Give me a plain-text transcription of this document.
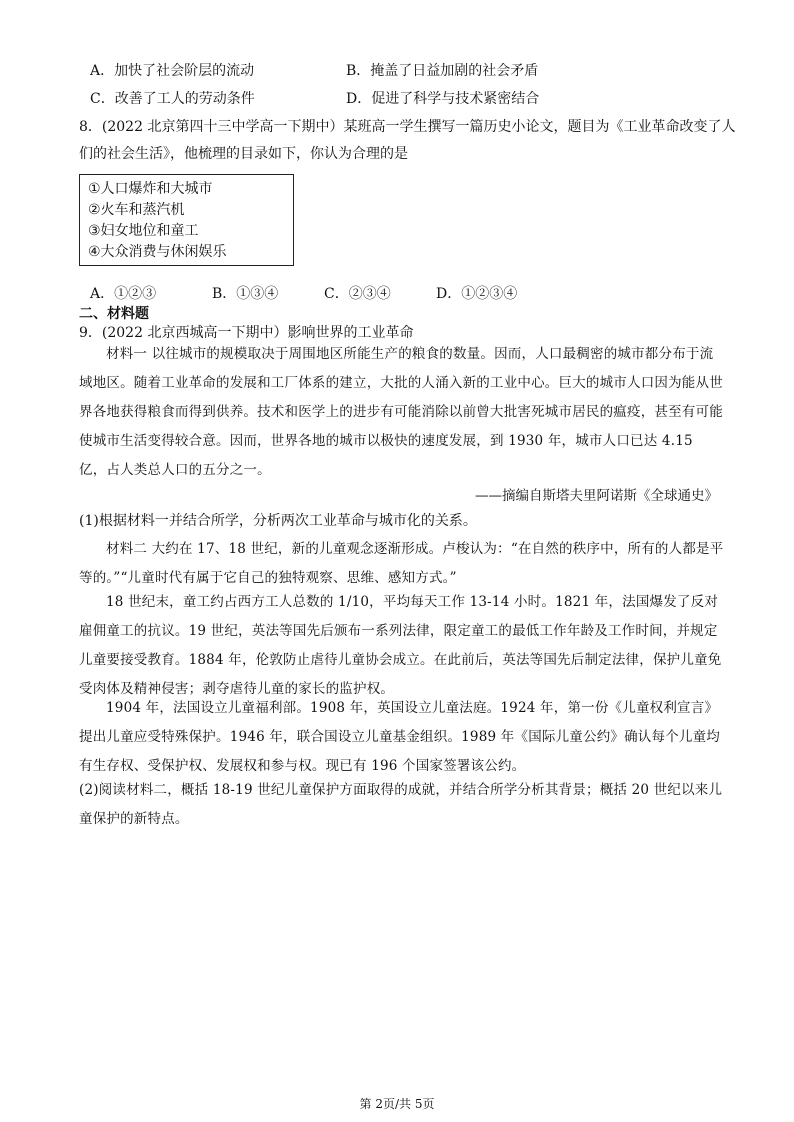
A．加快了社会阶层的流动	B．掩盖了日益加剧的社会矛盾
C．改善了工人的劳动条件	D．促进了科学与技术紧密结合
8．(2022 北京第四十三中学高一下期中）某班高一学生撰写一篇历史小论文，题目为《工业革命改变了人
们的社会生活》，他梳理的目录如下，你认为合理的是
①人口爆炸和大城市
②火车和蒸汽机
③妇女地位和童工
④大众消费与休闲娱乐
A．①②③	B．①③④	C．②③④	D．①②③④
二、材料题
9．(2022 北京西城高一下期中）影响世界的工业革命
材料一 以往城市的规模取决于周围地区所能生产的粮食的数量。因而，人口最稠密的城市都分布于流域地区。随着工业革命的发展和工厂体系的建立，大批的人涌入新的工业中心。巨大的城市人口因为能从世界各地获得粮食而得到供养。技术和医学上的进步有可能消除以前曾大批害死城市居民的瘟疫，甚至有可能使城市生活变得较合意。因而，世界各地的城市以极快的速度发展，到 1930 年，城市人口已达 4.15 亿，占人类总人口的五分之一。
——摘编自斯塔夫里阿诺斯《全球通史》
(1)根据材料一并结合所学，分析两次工业革命与城市化的关系。
材料二 大约在 17、18 世纪，新的儿童观念逐渐形成。卢梭认为：“在自然的秩序中，所有的人都是平等的。”“儿童时代有属于它自己的独特观察、思维、感知方式。”
18 世纪末，童工约占西方工人总数的 1/10，平均每天工作 13-14 小时。1821 年，法国爆发了反对雇佣童工的抗议。19 世纪，英法等国先后颁布一系列法律，限定童工的最低工作年龄及工作时间，并规定儿童要接受教育。1884 年，伦敦防止虐待儿童协会成立。在此前后，英法等国先后制定法律，保护儿童免受肉体及精神侵害；剥夺虐待儿童的家长的监护权。
1904 年，法国设立儿童福利部。1908 年，英国设立儿童法庭。1924 年，第一份《儿童权利宣言》提出儿童应受特殊保护。1946 年，联合国设立儿童基金组织。1989 年《国际儿童公约》确认每个儿童均有生存权、受保护权、发展权和参与权。现已有 196 个国家签署该公约。
(2)阅读材料二，概括 18-19 世纪儿童保护方面取得的成就，并结合所学分析其背景；概括 20 世纪以来儿童保护的新特点。
第 2页/共 5页
